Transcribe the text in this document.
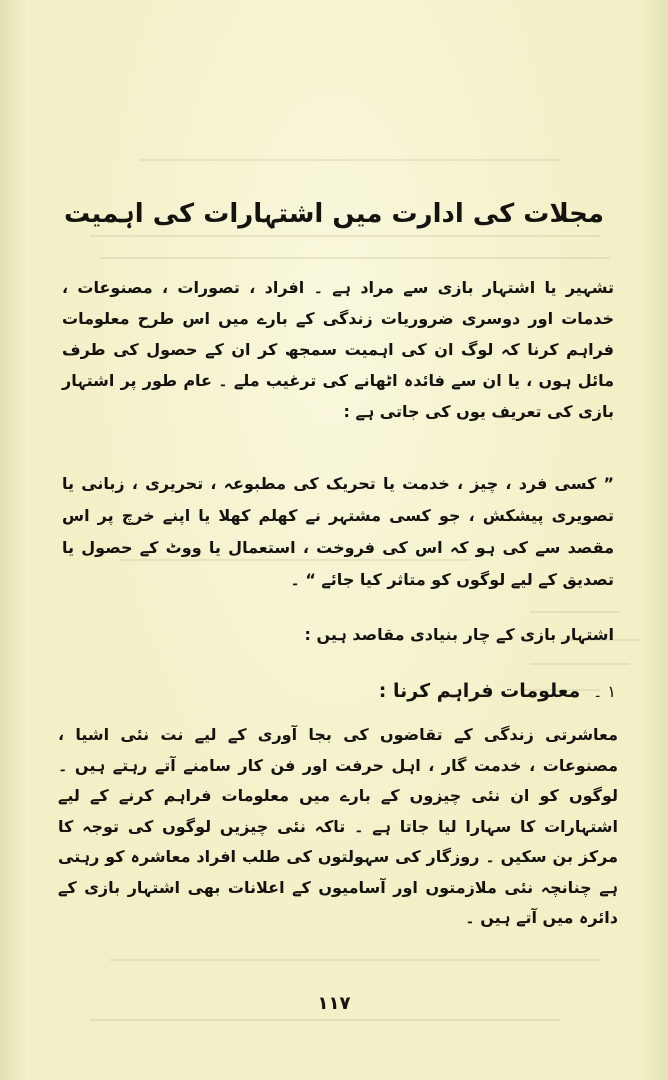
مجلات کی ادارت میں اشتہارات کی اہمیت

تشہیر یا اشتہار بازی سے مراد ہے ۔ افراد ، تصورات ، مصنوعات ، خدمات اور دوسری ضروریات زندگی کے بارے میں اس طرح معلومات فراہم کرنا کہ لوگ ان کی اہمیت سمجھ کر ان کے حصول کی طرف مائل ہوں ، یا ان سے فائدہ اٹھانے کی ترغیب ملے ۔ عام طور پر اشتہار بازی کی تعریف یوں کی جاتی ہے :

” کسی فرد ، چیز ، خدمت یا تحریک کی مطبوعہ ، تحریری ، زبانی یا تصویری پیشکش ، جو کسی مشتہر نے کھلم کھلا یا اپنے خرچ پر اس مقصد سے کی ہو کہ اس کی فروخت ، استعمال یا ووٹ کے حصول یا تصدیق کے لیے لوگوں کو متاثر کیا جائے “ ۔

اشتہار بازی کے چار بنیادی مقاصد ہیں :

١ ۔ معلومات فراہم کرنا :

معاشرتی زندگی کے تقاضوں کی بجا آوری کے لیے نت نئی اشیا ، مصنوعات ، خدمت گار ، اہل حرفت اور فن کار سامنے آتے رہتے ہیں ۔ لوگوں کو ان نئی چیزوں کے بارے میں معلومات فراہم کرنے کے لیے اشتہارات کا سہارا لیا جاتا ہے ۔ تاکہ نئی چیزیں لوگوں کی توجہ کا مرکز بن سکیں ۔ روزگار کی سہولتوں کی طلب افراد معاشرہ کو رہتی ہے چنانچہ نئی ملازمتوں اور آسامیوں کے اعلانات بھی اشتہار بازی کے دائرہ میں آتے ہیں ۔

١١٧
